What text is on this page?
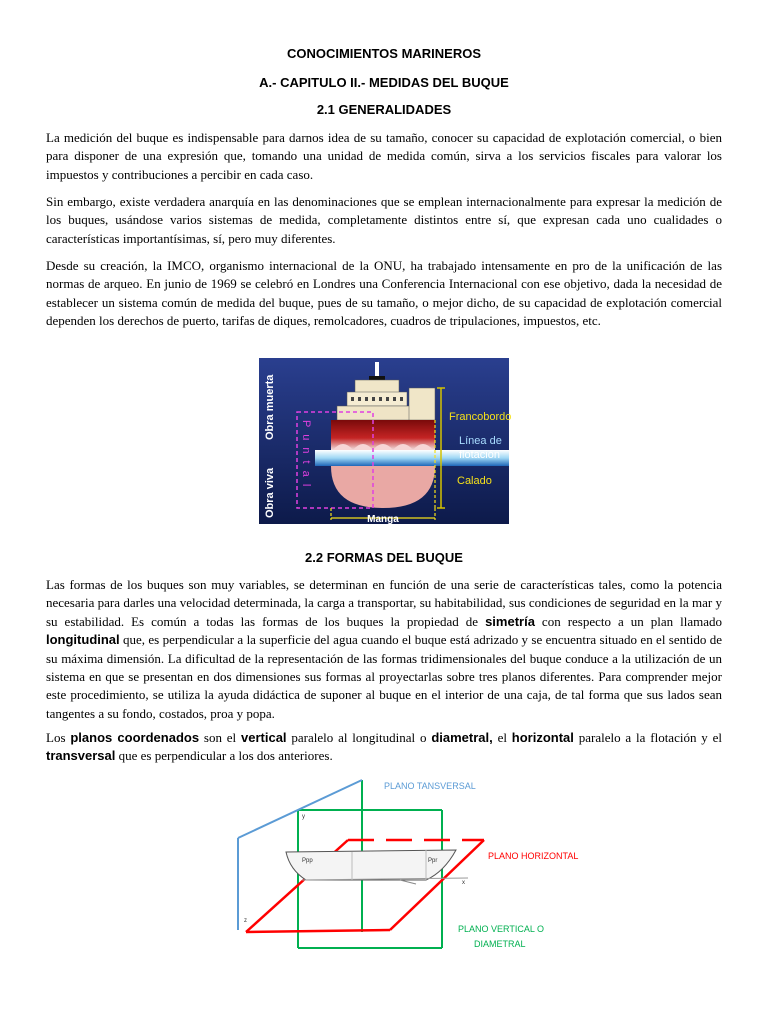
CONOCIMIENTOS MARINEROS
A.- CAPITULO II.- MEDIDAS DEL BUQUE
2.1 GENERALIDADES

La medición del buque es indispensable para darnos idea de su tamaño, conocer su capacidad de explotación comercial, o bien para disponer de una expresión que, tomando una unidad de medida común, sirva a los servicios fiscales para valorar los impuestos y contribuciones a percibir en cada caso.

Sin embargo, existe verdadera anarquía en las denominaciones que se emplean internacionalmente para expresar la medición de los buques, usándose varios sistemas de medida, completamente distintos entre sí, que expresan cada uno cualidades o características importantísimas, sí, pero muy diferentes.

Desde su creación, la IMCO, organismo internacional de la ONU, ha trabajado intensamente en pro de la unificación de las normas de arqueo. En junio de 1969 se celebró en Londres una Conferencia Internacional con ese objetivo, dada la necesidad de establecer un sistema común de medida del buque, pues de su tamaño, o mejor dicho, de su capacidad de explotación comercial dependen los derechos de puerto, tarifas de diques, remolcadores, cuadros de tripulaciones, impuestos, etc.

Obra muerta
Obra viva
P u n t a l
Manga
Francobordo
Línea de
flotación
Calado
2.2 FORMAS DEL BUQUE

Las formas de los buques son muy variables, se determinan en función de una serie de características tales, como la potencia necesaria para darles una velocidad determinada, la carga a transportar, su habitabilidad, sus condiciones de seguridad en la mar y su estabilidad. Es común a todas las formas de los buques la propiedad de simetría con respecto a un plan llamado longitudinal que, es perpendicular a la superficie del agua cuando el buque está adrizado y se encuentra situado en el sentido de su máxima dimensión. La dificultad de la representación de las formas tridimensionales del buque conduce a la utilización de un sistema en que se presentan en dos dimensiones sus formas al proyectarlas sobre tres planos diferentes. Para comprender mejor este procedimiento, se utiliza la ayuda didáctica de suponer al buque en el interior de una caja, de tal forma que sus lados sean tangentes a su fondo, costados, proa y popa.

Los planos coordenados son el vertical paralelo al longitudinal o diametral, el horizontal paralelo a la flotación y el transversal que es perpendicular a los dos anteriores.

Ppp	Ppr
x
y
z
PLANO TANSVERSAL
PLANO HORIZONTAL
PLANO VERTICAL O
DIAMETRAL
